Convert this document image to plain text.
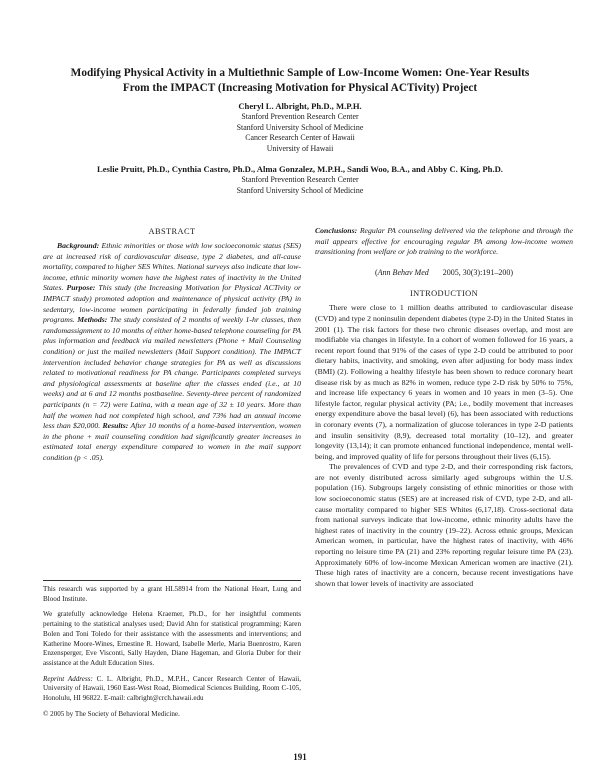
Modifying Physical Activity in a Multiethnic Sample of Low-Income Women: One-Year Results From the IMPACT (Increasing Motivation for Physical ACTivity) Project
Cheryl L. Albright, Ph.D., M.P.H.
Stanford Prevention Research Center
Stanford University School of Medicine
Cancer Research Center of Hawaii
University of Hawaii
Leslie Pruitt, Ph.D., Cynthia Castro, Ph.D., Alma Gonzalez, M.P.H., Sandi Woo, B.A., and Abby C. King, Ph.D.
Stanford Prevention Research Center
Stanford University School of Medicine
ABSTRACT

Background: Ethnic minorities or those with low socioeconomic status (SES) are at increased risk of cardiovascular disease, type 2 diabetes, and all-cause mortality, compared to higher SES Whites. National surveys also indicate that low-income, ethnic minority women have the highest rates of inactivity in the United States. Purpose: This study (the Increasing Motivation for Physical ACTivity or IMPACT study) promoted adoption and maintenance of physical activity (PA) in sedentary, low-income women participating in federally funded job training programs. Methods: The study consisted of 2 months of weekly 1-hr classes, then randomassignment to 10 months of either home-based telephone counseling for PA plus information and feedback via mailed newsletters (Phone + Mail Counseling condition) or just the mailed newsletters (Mail Support condition). The IMPACT intervention included behavior change strategies for PA as well as discussions related to motivational readiness for PA change. Participants completed surveys and physiological assessments at baseline after the classes ended (i.e., at 10 weeks) and at 6 and 12 months postbaseline. Seventy-three percent of randomized participants (n = 72) were Latina, with a mean age of 32 ± 10 years. More than half the women had not completed high school, and 73% had an annual income less than $20,000. Results: After 10 months of a home-based intervention, women in the phone + mail counseling condition had significantly greater increases in estimated total energy expenditure compared to women in the mail support condition (p < .05).

This research was supported by a grant HL58914 from the National Heart, Lung and Blood Institute.

We gratefully acknowledge Helena Kraemer, Ph.D., for her insightful comments pertaining to the statistical analyses used; David Ahn for statistical programming; Karen Bolen and Toni Toledo for their assistance with the assessments and interventions; and Katherine Moore-Wines, Ernestine R. Howard, Isabelle Merle, Maria Buenrostro, Karen Enzensperger, Eve Visconti, Sally Hayden, Diane Hageman, and Gloria Duber for their assistance at the Adult Education Sites.

Reprint Address: C. L. Albright, Ph.D., M.P.H., Cancer Research Center of Hawaii, University of Hawaii, 1960 East-West Road, Biomedical Sciences Building, Room C-105, Honolulu, HI 96822. E-mail: calbright@crch.hawaii.edu

© 2005 by The Society of Behavioral Medicine.

Conclusions: Regular PA counseling delivered via the telephone and through the mail appears effective for encouraging regular PA among low-income women transitioning from welfare or job training to the workforce.

(Ann Behav Med 2005, 30(3):191–200)

INTRODUCTION

There were close to 1 million deaths attributed to cardiovascular disease (CVD) and type 2 noninsulin dependent diabetes (type 2-D) in the United States in 2001 (1). The risk factors for these two chronic diseases overlap, and most are modifiable via changes in lifestyle. In a cohort of women followed for 16 years, a recent report found that 91% of the cases of type 2-D could be attributed to poor dietary habits, inactivity, and smoking, even after adjusting for body mass index (BMI) (2). Following a healthy lifestyle has been shown to reduce coronary heart disease risk by as much as 82% in women, reduce type 2-D risk by 50% to 75%, and increase life expectancy 6 years in women and 10 years in men (3–5). One lifestyle factor, regular physical activity (PA; i.e., bodily movement that increases energy expenditure above the basal level) (6), has been associated with reductions in coronary events (7), a normalization of glucose tolerances in type 2-D patients and insulin sensitivity (8,9), decreased total mortality (10–12), and greater longevity (13,14); it can promote enhanced functional independence, mental well-being, and improved quality of life for persons throughout their lives (6,15).

The prevalences of CVD and type 2-D, and their corresponding risk factors, are not evenly distributed across similarly aged subgroups within the U.S. population (16). Subgroups largely consisting of ethnic minorities or those with low socioeconomic status (SES) are at increased risk of CVD, type 2-D, and all-cause mortality compared to higher SES Whites (6,17,18). Cross-sectional data from national surveys indicate that low-income, ethnic minority adults have the highest rates of inactivity in the country (19–22). Across ethnic groups, Mexican American women, in particular, have the highest rates of inactivity, with 46% reporting no leisure time PA (21) and 23% reporting regular leisure time PA (23). Approximately 60% of low-income Mexican American women are inactive (21). These high rates of inactivity are a concern, because recent investigations have shown that lower levels of inactivity are associated

191
